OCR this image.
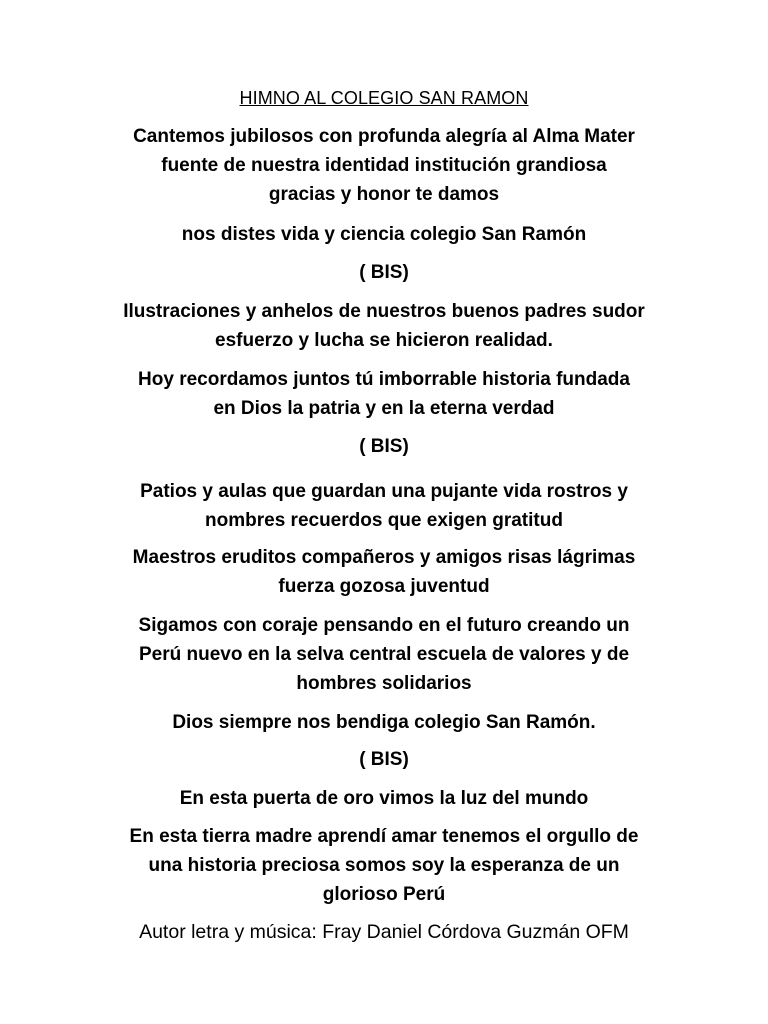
HIMNO AL COLEGIO SAN RAMON
Cantemos jubilosos con profunda alegría al Alma Mater
fuente de nuestra identidad institución grandiosa
gracias y honor te damos
nos distes vida y ciencia colegio San Ramón
( BIS)
Ilustraciones y anhelos de nuestros buenos padres sudor
esfuerzo y lucha se hicieron realidad.
Hoy recordamos juntos tú imborrable historia fundada
en Dios la patria y en la eterna verdad
( BIS)
Patios y aulas que guardan una pujante vida rostros y
nombres recuerdos que exigen gratitud
Maestros eruditos compañeros y amigos risas lágrimas
fuerza gozosa juventud
Sigamos con coraje pensando en el futuro creando un
Perú nuevo en la selva central escuela de valores y de
hombres solidarios
Dios siempre nos bendiga colegio San Ramón.
( BIS)
En esta puerta de oro vimos la luz del mundo
En esta tierra madre aprendí amar tenemos el orgullo de
una historia preciosa somos soy la esperanza de un
glorioso Perú
Autor letra y música: Fray Daniel Córdova Guzmán OFM
